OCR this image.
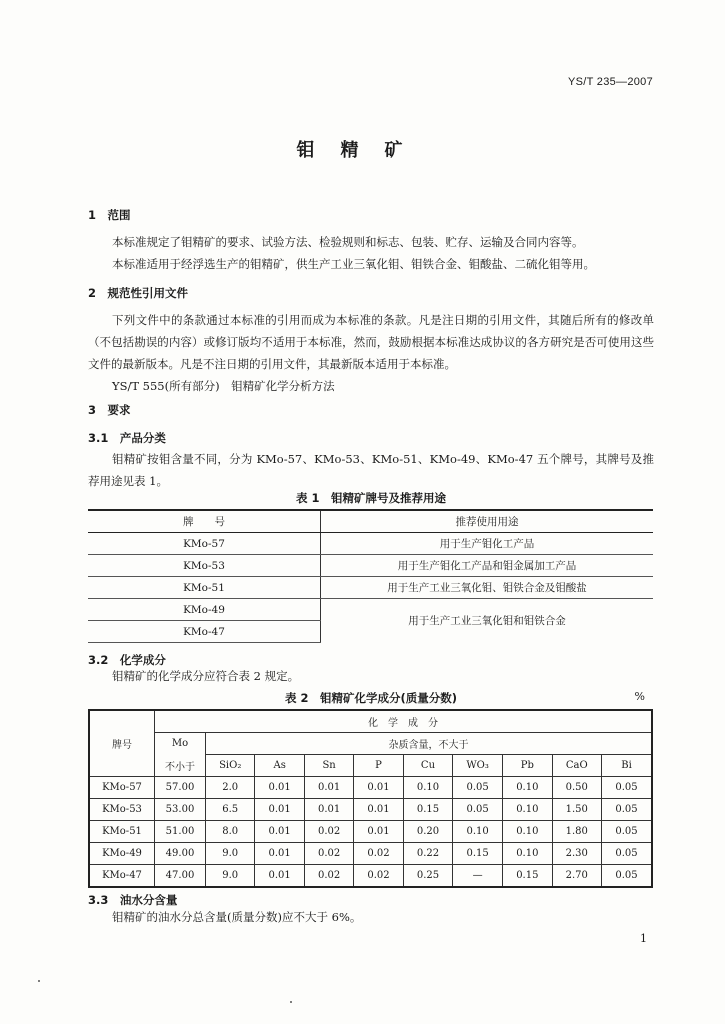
YS/T 235—2007
钼精矿
1　范围
本标准规定了钼精矿的要求、试验方法、检验规则和标志、包装、贮存、运输及合同内容等。
本标准适用于经浮选生产的钼精矿，供生产工业三氧化钼、钼铁合金、钼酸盐、二硫化钼等用。
2　规范性引用文件
下列文件中的条款通过本标准的引用而成为本标准的条款。凡是注日期的引用文件，其随后所有的修改单（不包括勘误的内容）或修订版均不适用于本标准，然而，鼓励根据本标准达成协议的各方研究是否可使用这些文件的最新版本。凡是不注日期的引用文件，其最新版本适用于本标准。
YS/T 555(所有部分)　钼精矿化学分析方法
3　要求
3.1　产品分类
钼精矿按钼含量不同，分为 KMo-57、KMo-53、KMo-51、KMo-49、KMo-47 五个牌号，其牌号及推荐用途见表 1。
表 1　钼精矿牌号及推荐用途
牌　　号	推荐使用用途
KMo-57	用于生产钼化工产品
KMo-53	用于生产钼化工产品和钼金属加工产品
KMo-51	用于生产工业三氧化钼、钼铁合金及钼酸盐
KMo-49	用于生产工业三氧化钼和钼铁合金
KMo-47	
3.2　化学成分
钼精矿的化学成分应符合表 2 规定。
表 2　钼精矿化学成分(质量分数)	%
牌号	化　学　成　分									
	Mo	杂质含量，不大于								
	不小于	SiO₂	As	Sn	P	Cu	WO₃	Pb	CaO	Bi
KMo-57	57.00	2.0	0.01	0.01	0.01	0.10	0.05	0.10	0.50	0.05
KMo-53	53.00	6.5	0.01	0.01	0.01	0.15	0.05	0.10	1.50	0.05
KMo-51	51.00	8.0	0.01	0.02	0.01	0.20	0.10	0.10	1.80	0.05
KMo-49	49.00	9.0	0.01	0.02	0.02	0.22	0.15	0.10	2.30	0.05
KMo-47	47.00	9.0	0.01	0.02	0.02	0.25	—	0.15	2.70	0.05
3.3　油水分含量
钼精矿的油水分总含量(质量分数)应不大于 6%。
1
